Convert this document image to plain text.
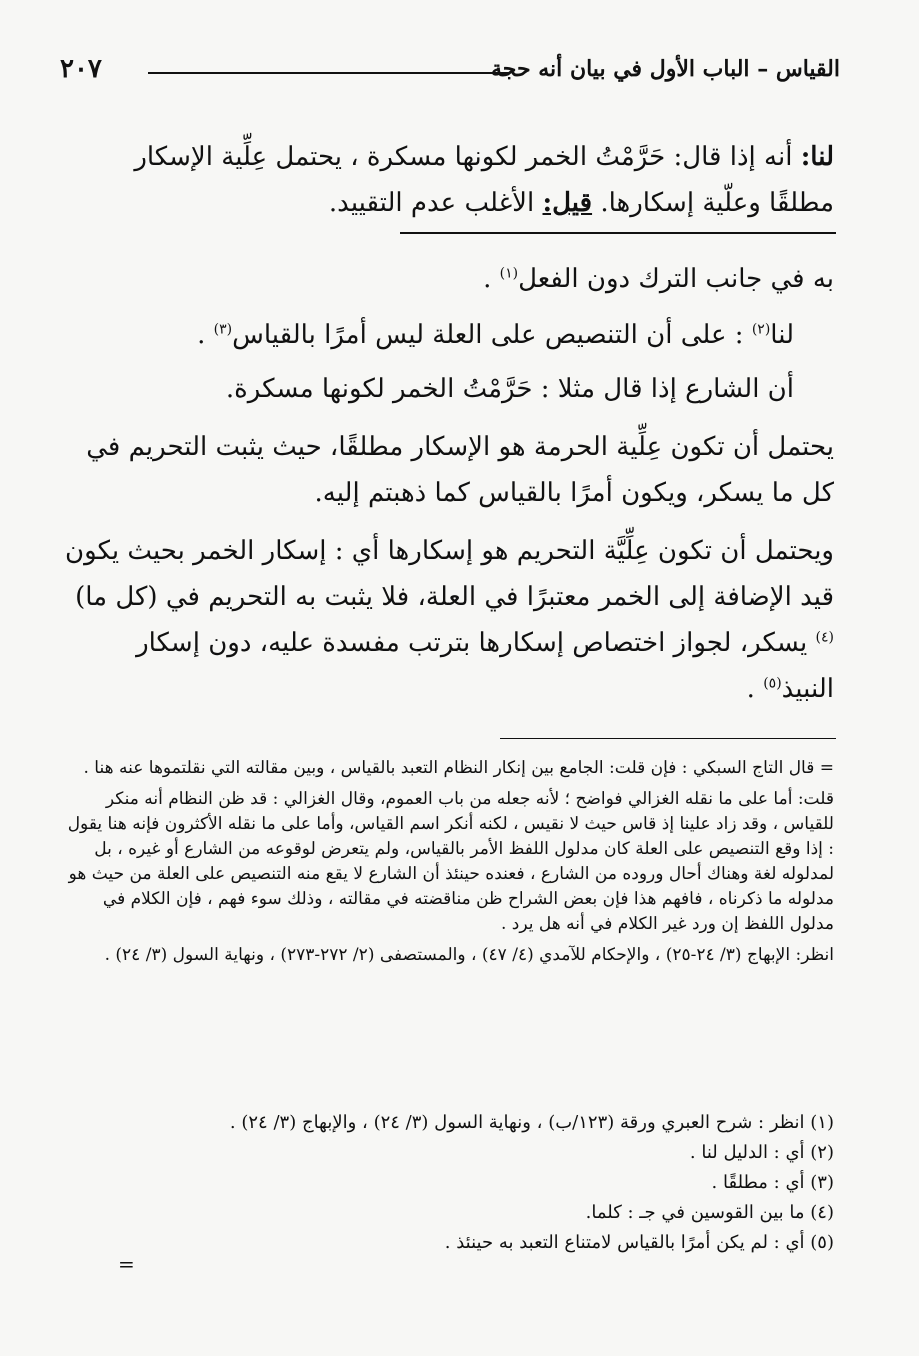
القياس – الباب الأول في بيان أنه حجة
٢٠٧

لنا: أنه إذا قال: حَرَّمْتُ الخمر لكونها مسكرة ، يحتمل عِلِّية الإسكار مطلقًا وعلّية إسكارها. قيل: الأغلب عدم التقييد.

به في جانب الترك دون الفعل$^{(١)}$ .

لنا$^{(٢)}$ : على أن التنصيص على العلة ليس أمرًا بالقياس$^{(٣)}$ .

أن الشارع إذا قال مثلا : حَرَّمْتُ الخمر لكونها مسكرة.

يحتمل أن تكون عِلِّية الحرمة هو الإسكار مطلقًا، حيث يثبت التحريم في كل ما يسكر، ويكون أمرًا بالقياس كما ذهبتم إليه.

ويحتمل أن تكون عِلِّيَّة التحريم هو إسكارها أي : إسكار الخمر بحيث يكون قيد الإضافة إلى الخمر معتبرًا في العلة، فلا يثبت به التحريم في (كل ما)$^{(٤)}$ يسكر، لجواز اختصاص إسكارها بترتب مفسدة عليه، دون إسكار النبيذ$^{(٥)}$ .

= قال التاج السبكي : فإن قلت: الجامع بين إنكار النظام التعبد بالقياس ، وبين مقالته التي نقلتموها عنه هنا .

قلت: أما على ما نقله الغزالي فواضح ؛ لأنه جعله من باب العموم، وقال الغزالي : قد ظن النظام أنه منكر للقياس ، وقد زاد علينا إذ قاس حيث لا نقيس ، لكنه أنكر اسم القياس، وأما على ما نقله الأكثرون فإنه هنا يقول : إذا وقع التنصيص على العلة كان مدلول اللفظ الأمر بالقياس، ولم يتعرض لوقوعه من الشارع أو غيره ، بل لمدلوله لغة وهناك أحال وروده من الشارع ، فعنده حينئذ أن الشارع لا يقع منه التنصيص على العلة من حيث هو مدلوله ما ذكرناه ، فافهم هذا فإن بعض الشراح ظن مناقضته في مقالته ، وذلك سوء فهم ، فإن الكلام في مدلول اللفظ إن ورد غير الكلام في أنه هل يرد .

انظر: الإبهاج (٣/ ٢٤-٢٥) ، والإحكام للآمدي (٤/ ٤٧) ، والمستصفى (٢/ ٢٧٢-٢٧٣) ، ونهاية السول (٣/ ٢٤) .

(١) انظر : شرح العبري ورقة (١٢٣/ب) ، ونهاية السول (٣/ ٢٤) ، والإبهاج (٣/ ٢٤) .

(٢) أي : الدليل لنا .

(٣) أي : مطلقًا .

(٤) ما بين القوسين في جـ : كلما.

(٥) أي : لم يكن أمرًا بالقياس لامتناع التعبد به حينئذ .

=
